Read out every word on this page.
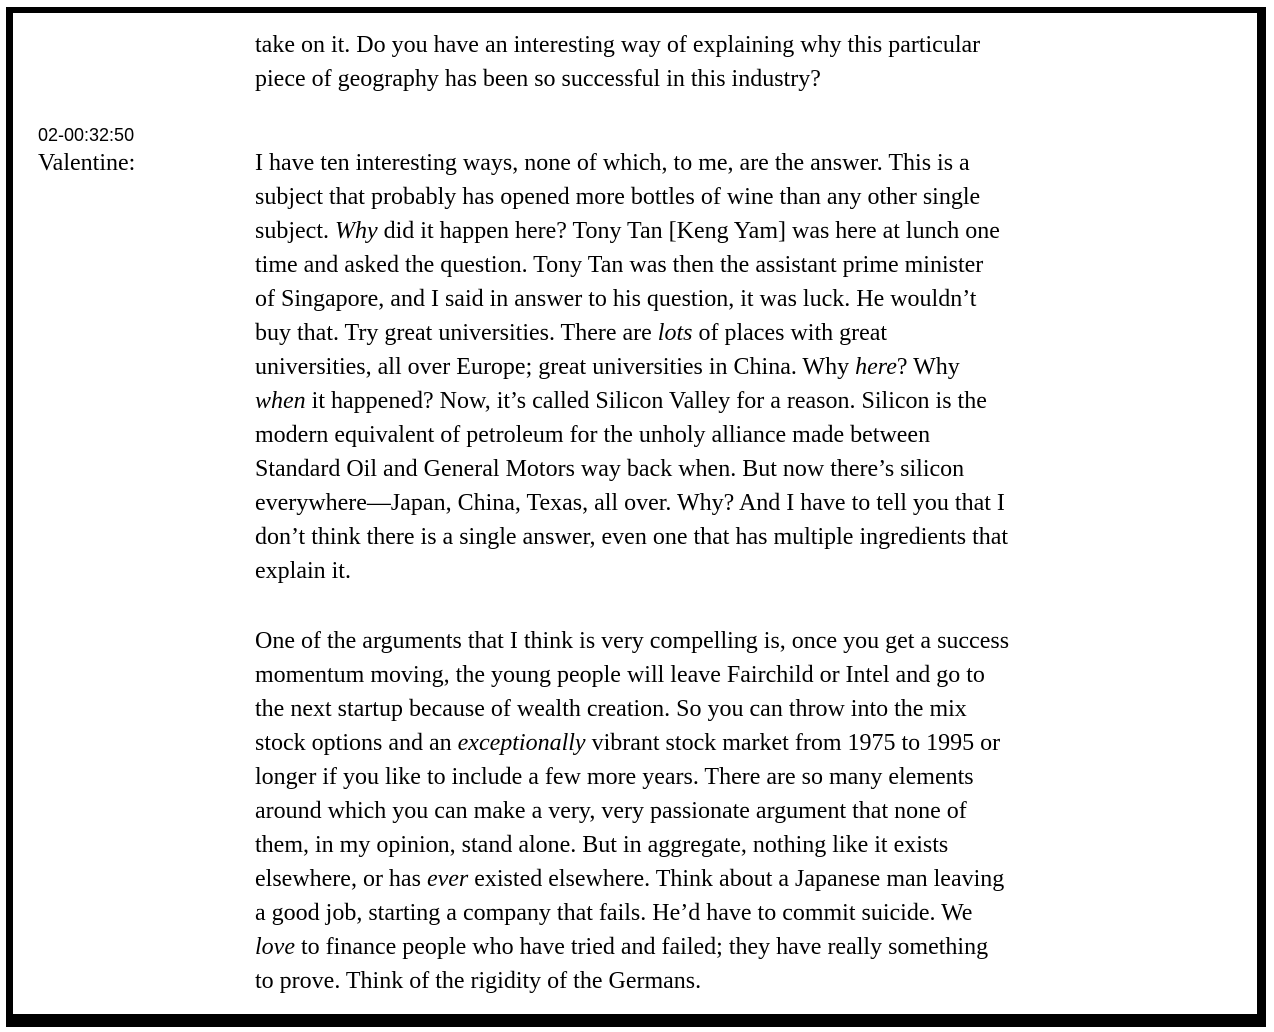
take on it. Do you have an interesting way of explaining why this particular
piece of geography has been so successful in this industry?
02-00:32:50
Valentine:	I have ten interesting ways, none of which, to me, are the answer. This is a
subject that probably has opened more bottles of wine than any other single
subject. Why did it happen here? Tony Tan [Keng Yam] was here at lunch one
time and asked the question. Tony Tan was then the assistant prime minister
of Singapore, and I said in answer to his question, it was luck. He wouldn’t
buy that. Try great universities. There are lots of places with great
universities, all over Europe; great universities in China. Why here? Why
when it happened? Now, it’s called Silicon Valley for a reason. Silicon is the
modern equivalent of petroleum for the unholy alliance made between
Standard Oil and General Motors way back when. But now there’s silicon
everywhere—Japan, China, Texas, all over. Why? And I have to tell you that I
don’t think there is a single answer, even one that has multiple ingredients that
explain it.
One of the arguments that I think is very compelling is, once you get a success
momentum moving, the young people will leave Fairchild or Intel and go to
the next startup because of wealth creation. So you can throw into the mix
stock options and an exceptionally vibrant stock market from 1975 to 1995 or
longer if you like to include a few more years. There are so many elements
around which you can make a very, very passionate argument that none of
them, in my opinion, stand alone. But in aggregate, nothing like it exists
elsewhere, or has ever existed elsewhere. Think about a Japanese man leaving
a good job, starting a company that fails. He’d have to commit suicide. We
love to finance people who have tried and failed; they have really something
to prove. Think of the rigidity of the Germans.
